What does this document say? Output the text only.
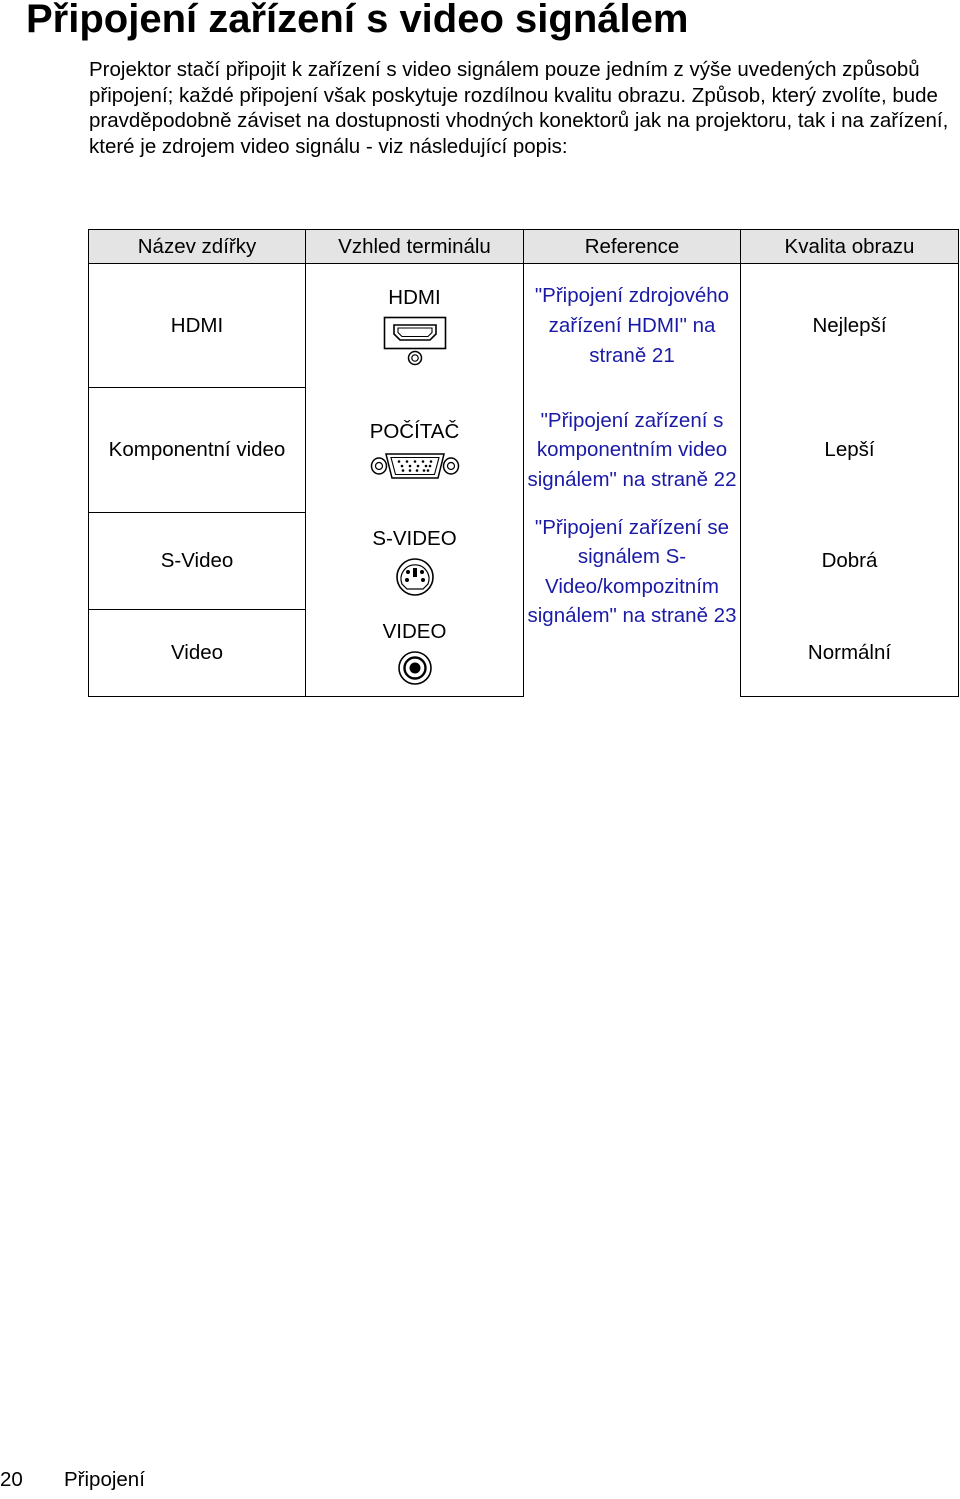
Připojení zařízení s video signálem

Projektor stačí připojit k zařízení s video signálem pouze jedním z výše uvedených způsobů připojení; každé připojení však poskytuje rozdílnou kvalitu obrazu. Způsob, který zvolíte, bude pravděpodobně záviset na dostupnosti vhodných konektorů jak na projektoru, tak i na zařízení, které je zdrojem video signálu - viz následující popis:

Název zdířky	Vzhled terminálu	Reference	Kvalita obrazu
HDMI	HDMI	"Připojení zdrojového zařízení HDMI" na straně 21	Nejlepší
Komponentní video	POČÍTAČ	"Připojení zařízení s komponentním video signálem" na straně 22	Lepší
S-Video	S-VIDEO	"Připojení zařízení se signálem S-Video/kompozitním signálem" na straně 23	Dobrá
Video	VIDEO		Normální
20 Připojení
